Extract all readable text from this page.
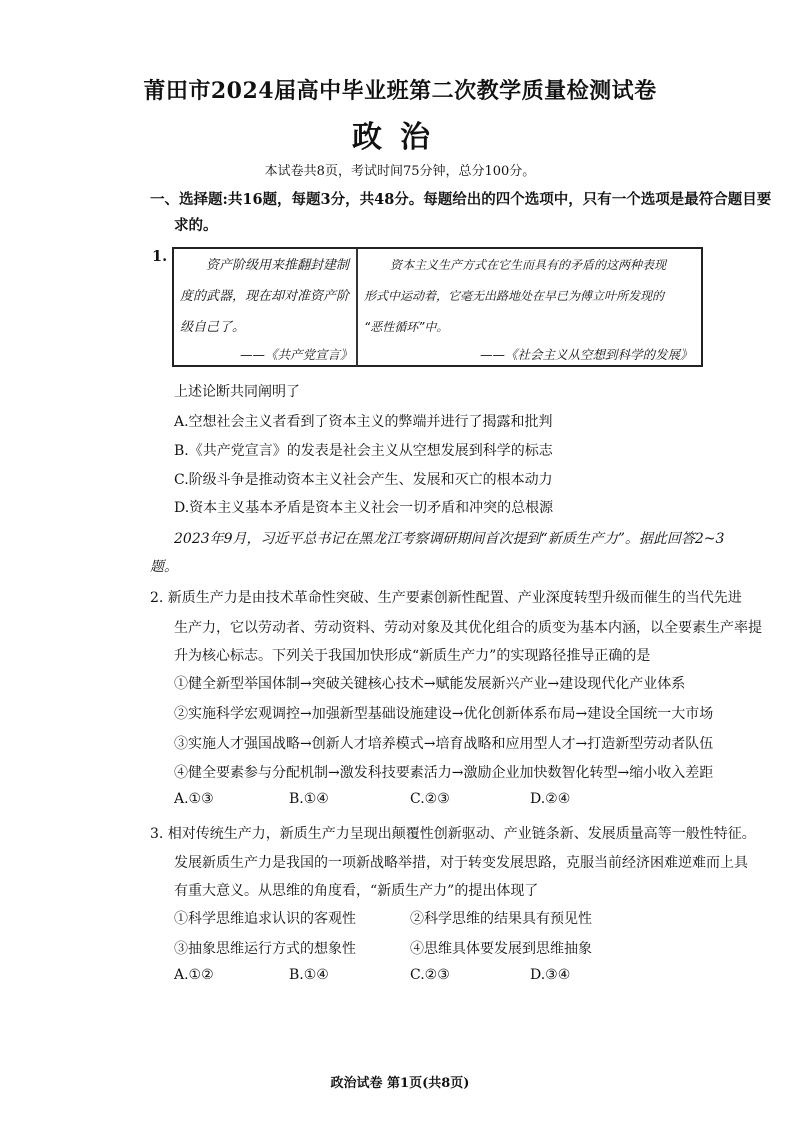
莆田市2024届高中毕业班第二次教学质量检测试卷
政治
本试卷共8页，考试时间75分钟，总分100分。
一、选择题:共16题，每题3分，共48分。每题给出的四个选项中，只有一个选项是最符合题目要
求的。
1.
资产阶级用来推翻封建制
度的武器，现在却对准资产阶
级自己了。
——《共产党宣言》
资本主义生产方式在它生而具有的矛盾的这两种表现
形式中运动着，它毫无出路地处在早已为傅立叶所发现的
“恶性循环”中。
——《社会主义从空想到科学的发展》
上述论断共同阐明了
A.空想社会主义者看到了资本主义的弊端并进行了揭露和批判
B.《共产党宣言》的发表是社会主义从空想发展到科学的标志
C.阶级斗争是推动资本主义社会产生、发展和灭亡的根本动力
D.资本主义基本矛盾是资本主义社会一切矛盾和冲突的总根源
2023年9月，习近平总书记在黑龙江考察调研期间首次提到“新质生产力”。据此回答2~3
题。
2. 新质生产力是由技术革命性突破、生产要素创新性配置、产业深度转型升级而催生的当代先进
生产力，它以劳动者、劳动资料、劳动对象及其优化组合的质变为基本内涵，以全要素生产率提
升为核心标志。下列关于我国加快形成“新质生产力”的实现路径推导正确的是
①健全新型举国体制→突破关键核心技术→赋能发展新兴产业→建设现代化产业体系
②实施科学宏观调控→加强新型基础设施建设→优化创新体系布局→建设全国统一大市场
③实施人才强国战略→创新人才培养模式→培育战略和应用型人才→打造新型劳动者队伍
④健全要素参与分配机制→激发科技要素活力→激励企业加快数智化转型→缩小收入差距
A.①③	B.①④	C.②③	D.②④
3. 相对传统生产力，新质生产力呈现出颠覆性创新驱动、产业链条新、发展质量高等一般性特征。
发展新质生产力是我国的一项新战略举措，对于转变发展思路，克服当前经济困难逆难而上具
有重大意义。从思维的角度看，“新质生产力”的提出体现了
①科学思维追求认识的客观性	②科学思维的结果具有预见性
③抽象思维运行方式的想象性	④思维具体要发展到思维抽象
A.①②	B.①④	C.②③	D.③④
政治试卷 第1页(共8页)
